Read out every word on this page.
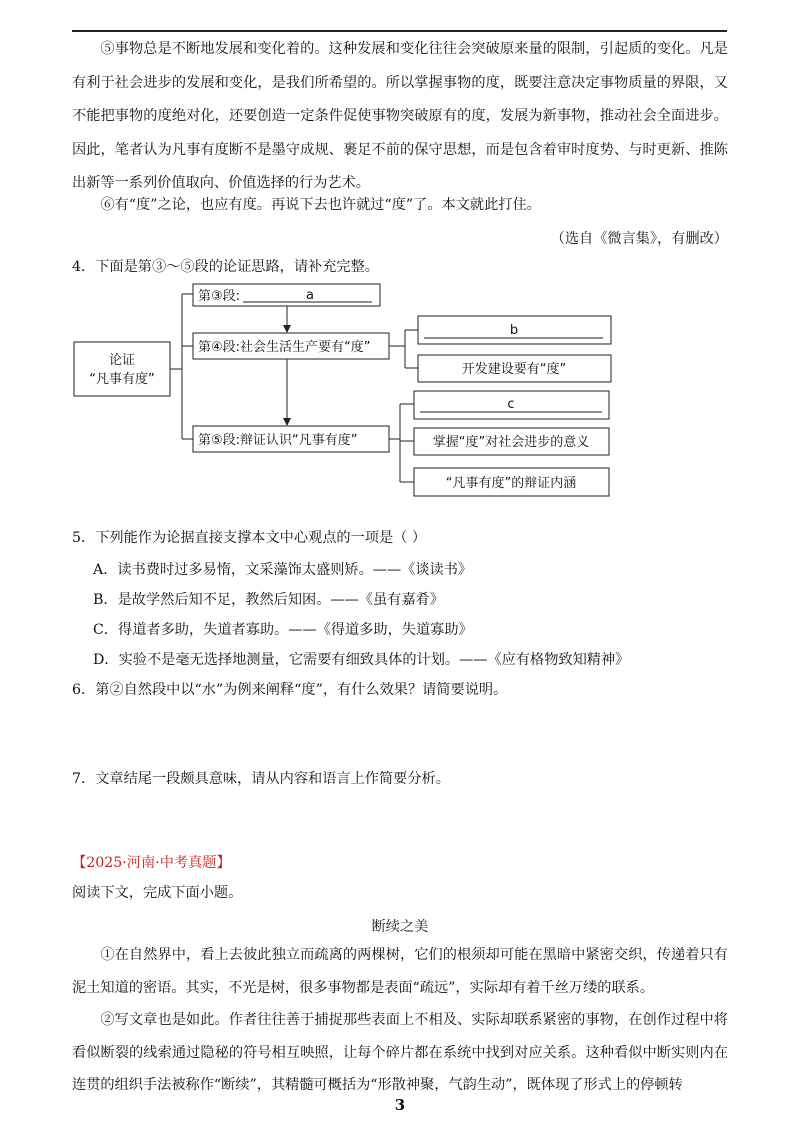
⑤事物总是不断地发展和变化着的。这种发展和变化往往会突破原来量的限制，引起质的变化。凡是有利于社会进步的发展和变化，是我们所希望的。所以掌握事物的度，既要注意决定事物质量的界限，又不能把事物的度绝对化，还要创造一定条件促使事物突破原有的度，发展为新事物，推动社会全面进步。因此，笔者认为凡事有度断不是墨守成规、裹足不前的保守思想，而是包含着审时度势、与时更新、推陈出新等一系列价值取向、价值选择的行为艺术。
⑥有“度”之论，也应有度。再说下去也许就过“度”了。本文就此打住。
（选自《微言集》，有删改）
4．下面是第③～⑤段的论证思路，请补充完整。
论证
“凡事有度”
第③段:	a
第④段:社会生活生产要有“度”
b
开发建设要有“度”
第⑤段:辩证认识“凡事有度”
c
掌握“度”对社会进步的意义
“凡事有度”的辩证内涵
5．下列能作为论据直接支撑本文中心观点的一项是（ ）
A．读书费时过多易惰，文采藻饰太盛则矫。——《谈读书》
B．是故学然后知不足，教然后知困。——《虽有嘉肴》
C．得道者多助，失道者寡助。——《得道多助，失道寡助》
D．实验不是毫无选择地测量，它需要有细致具体的计划。——《应有格物致知精神》
6．第②自然段中以“水”为例来阐释“度”，有什么效果？请简要说明。
7．文章结尾一段颇具意味，请从内容和语言上作简要分析。
【2025·河南·中考真题】
阅读下文，完成下面小题。
断续之美
①在自然界中，看上去彼此独立而疏离的两棵树，它们的根须却可能在黑暗中紧密交织，传递着只有泥土知道的密语。其实，不光是树，很多事物都是表面“疏远”，实际却有着千丝万缕的联系。
②写文章也是如此。作者往往善于捕捉那些表面上不相及、实际却联系紧密的事物，在创作过程中将看似断裂的线索通过隐秘的符号相互映照，让每个碎片都在系统中找到对应关系。这种看似中断实则内在连贯的组织手法被称作“断续”，其精髓可概括为“形散神聚，气韵生动”，既体现了形式上的停顿转
3
